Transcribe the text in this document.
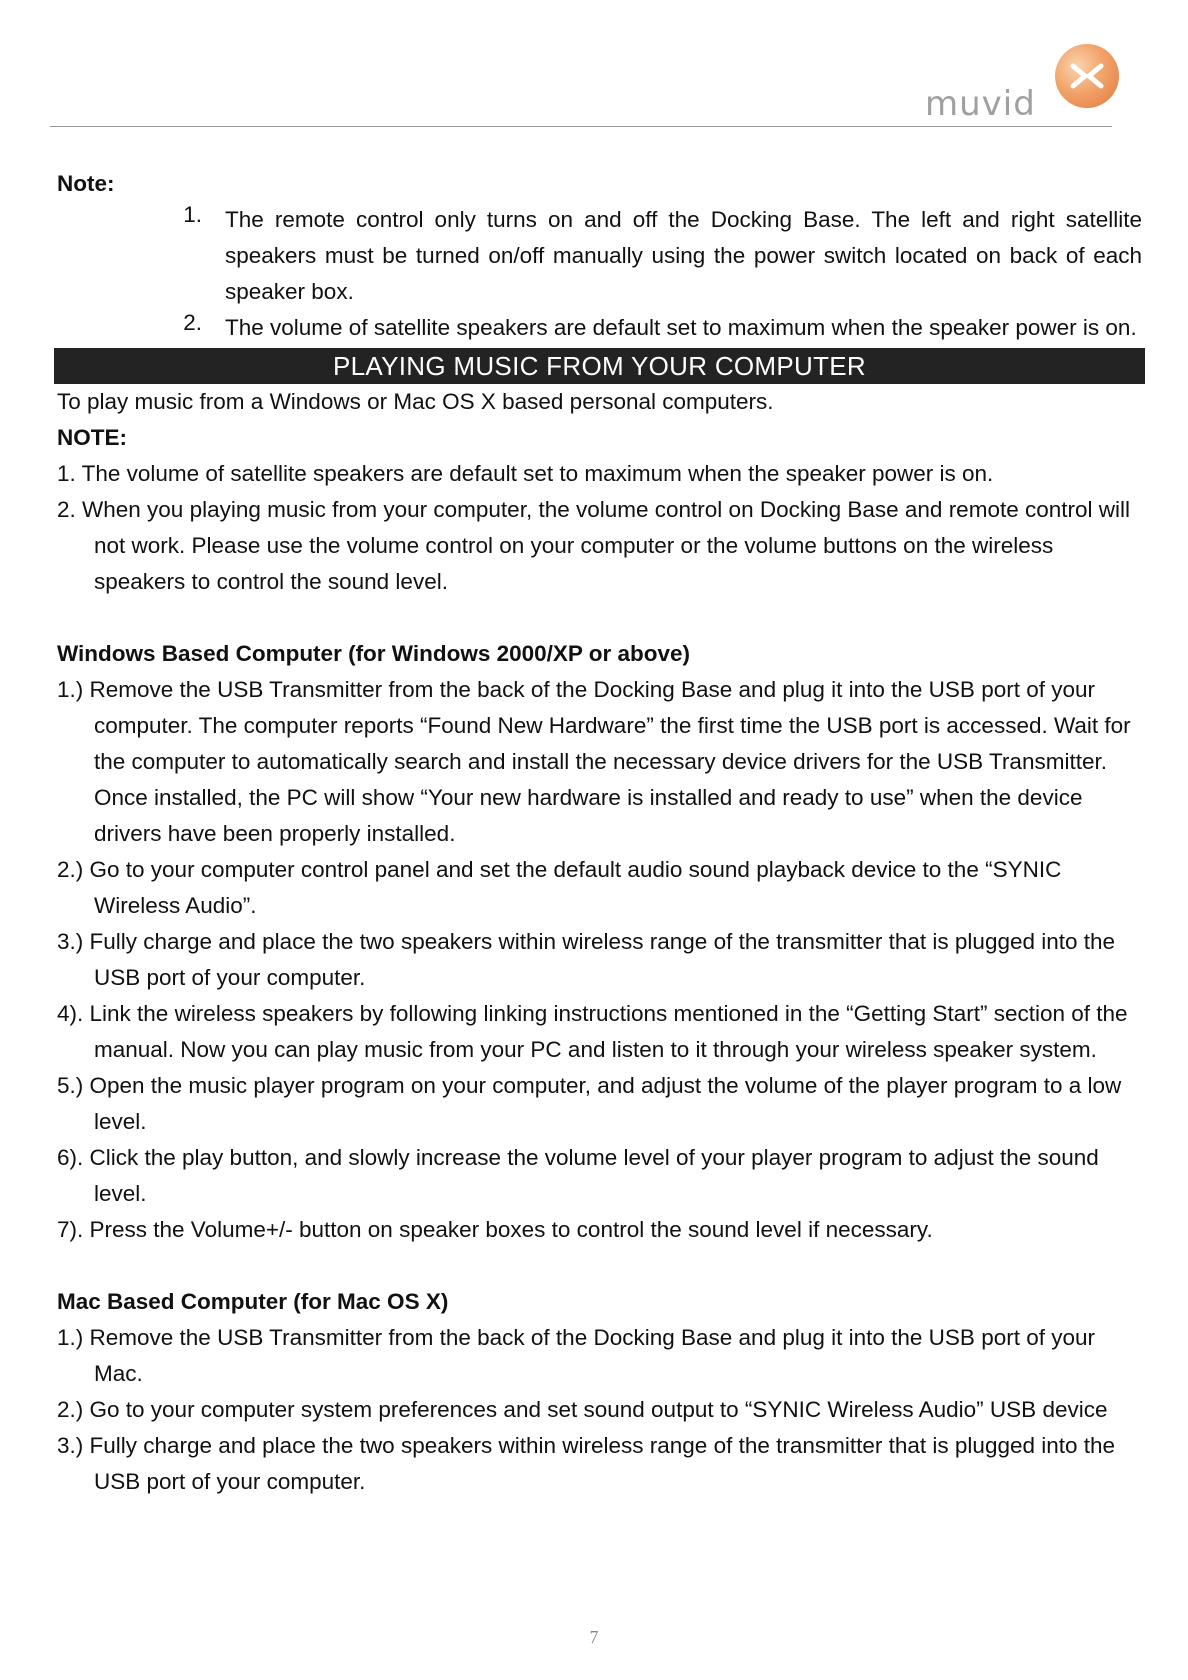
muvid

Note:

1.	The remote control only turns on and off the Docking Base. The left and right satellite speakers must be turned on/off manually using the power switch located on back of each speaker box.

2.	The volume of satellite speakers are default set to maximum when the speaker power is on.

PLAYING MUSIC FROM YOUR COMPUTER

To play music from a Windows or Mac OS X based personal computers.

NOTE:

1. The volume of satellite speakers are default set to maximum when the speaker power is on.

2. When you playing music from your computer, the volume control on Docking Base and remote control will not work. Please use the volume control on your computer or the volume buttons on the wireless speakers to control the sound level.

Windows Based Computer (for Windows 2000/XP or above)

1.) Remove the USB Transmitter from the back of the Docking Base and plug it into the USB port of your computer. The computer reports “Found New Hardware” the first time the USB port is accessed. Wait for the computer to automatically search and install the necessary device drivers for the USB Transmitter. Once installed, the PC will show “Your new hardware is installed and ready to use” when the device drivers have been properly installed.

2.) Go to your computer control panel and set the default audio sound playback device to the “SYNIC Wireless Audio”.

3.) Fully charge and place the two speakers within wireless range of the transmitter that is plugged into the USB port of your computer.

4). Link the wireless speakers by following linking instructions mentioned in the “Getting Start” section of the manual. Now you can play music from your PC and listen to it through your wireless speaker system.

5.) Open the music player program on your computer, and adjust the volume of the player program to a low level.

6). Click the play button, and slowly increase the volume level of your player program to adjust the sound level.

7). Press the Volume+/- button on speaker boxes to control the sound level if necessary.

Mac Based Computer (for Mac OS X)

1.) Remove the USB Transmitter from the back of the Docking Base and plug it into the USB port of your Mac.

2.) Go to your computer system preferences and set sound output to “SYNIC Wireless Audio” USB device

3.) Fully charge and place the two speakers within wireless range of the transmitter that is plugged into the USB port of your computer.

7
